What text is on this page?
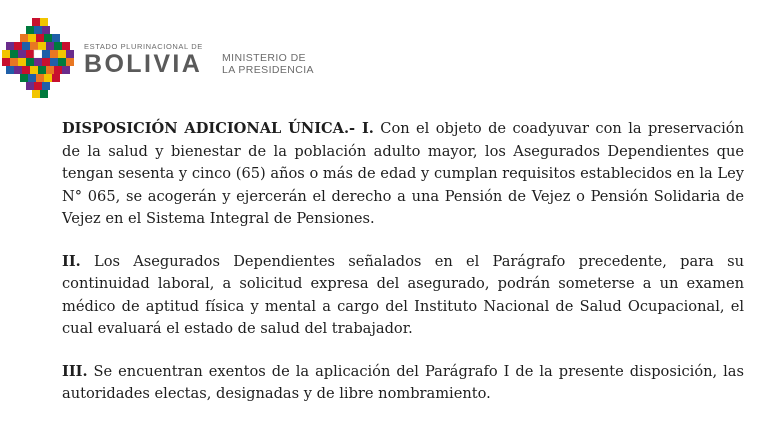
ESTADO PLURINACIONAL DE
BOLIVIA MINISTERIO DE
LA PRESIDENCIA

DISPOSICIÓN ADICIONAL ÚNICA.- I. Con el objeto de coadyuvar con la preservación de la salud y bienestar de la población adulto mayor, los Asegurados Dependientes que tengan sesenta y cinco (65) años o más de edad y cumplan requisitos establecidos en la Ley N° 065, se acogerán y ejercerán el derecho a una Pensión de Vejez o Pensión Solidaria de Vejez en el Sistema Integral de Pensiones.

II. Los Asegurados Dependientes señalados en el Parágrafo precedente, para su continuidad laboral, a solicitud expresa del asegurado, podrán someterse a un examen médico de aptitud física y mental a cargo del Instituto Nacional de Salud Ocupacional, el cual evaluará el estado de salud del trabajador.

III. Se encuentran exentos de la aplicación del Parágrafo I de la presente disposición, las autoridades electas, designadas y de libre nombramiento.
